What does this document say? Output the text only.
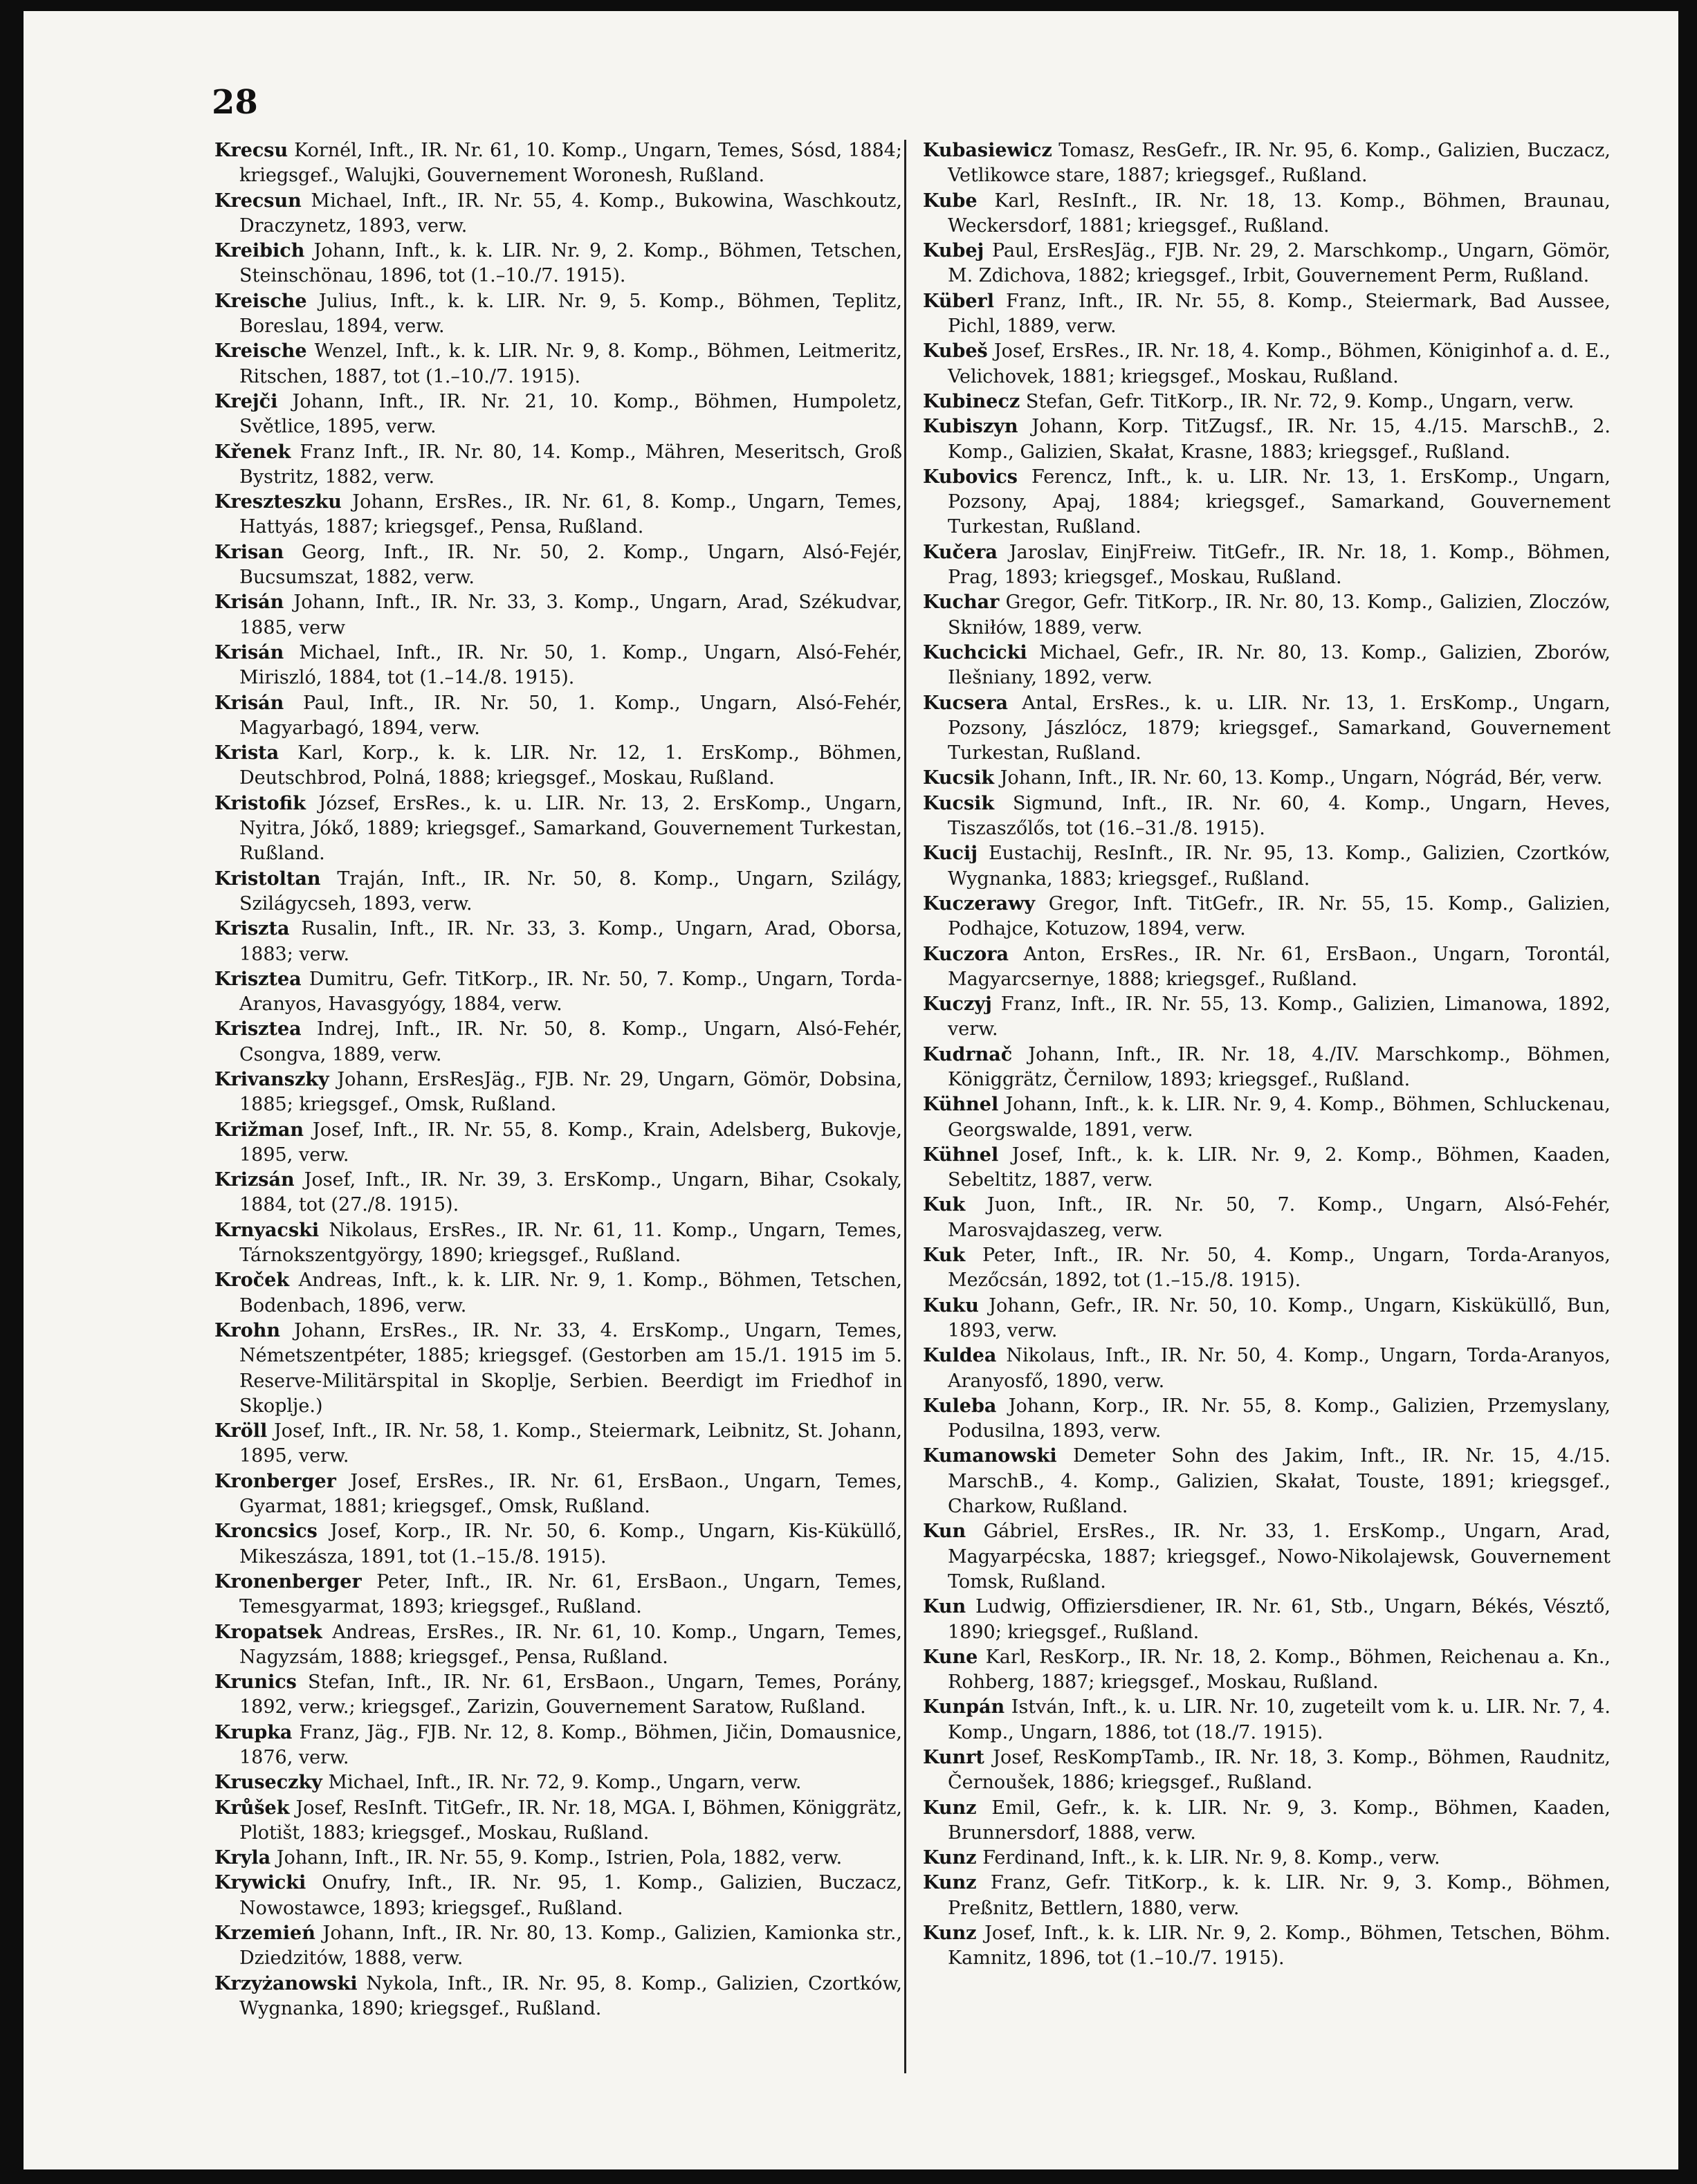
28

Krecsu Kornél, Inft., IR. Nr. 61, 10. Komp., Ungarn, Temes, Sósd, 1884; kriegsgef., Walujki, Gouvernement Woronesh, Rußland.

Krecsun Michael, Inft., IR. Nr. 55, 4. Komp., Bukowina, Waschkoutz, Draczynetz, 1893, verw.

Kreibich Johann, Inft., k. k. LIR. Nr. 9, 2. Komp., Böhmen, Tetschen, Steinschönau, 1896, tot (1.–10./7. 1915).

Kreische Julius, Inft., k. k. LIR. Nr. 9, 5. Komp., Böhmen, Teplitz, Boreslau, 1894, verw.

Kreische Wenzel, Inft., k. k. LIR. Nr. 9, 8. Komp., Böhmen, Leitmeritz, Ritschen, 1887, tot (1.–10./7. 1915).

Krejči Johann, Inft., IR. Nr. 21, 10. Komp., Böhmen, Humpoletz, Světlice, 1895, verw.

Křenek Franz Inft., IR. Nr. 80, 14. Komp., Mähren, Meseritsch, Groß Bystritz, 1882, verw.

Kreszteszku Johann, ErsRes., IR. Nr. 61, 8. Komp., Ungarn, Temes, Hattyás, 1887; kriegsgef., Pensa, Rußland.

Krisan Georg, Inft., IR. Nr. 50, 2. Komp., Ungarn, Alsó-Fejér, Bucsumszat, 1882, verw.

Krisán Johann, Inft., IR. Nr. 33, 3. Komp., Ungarn, Arad, Székudvar, 1885, verw

Krisán Michael, Inft., IR. Nr. 50, 1. Komp., Ungarn, Alsó-Fehér, Miriszló, 1884, tot (1.–14./8. 1915).

Krisán Paul, Inft., IR. Nr. 50, 1. Komp., Ungarn, Alsó-Fehér, Magyarbagó, 1894, verw.

Krista Karl, Korp., k. k. LIR. Nr. 12, 1. ErsKomp., Böhmen, Deutschbrod, Polná, 1888; kriegsgef., Moskau, Rußland.

Kristofik József, ErsRes., k. u. LIR. Nr. 13, 2. ErsKomp., Ungarn, Nyitra, Jókő, 1889; kriegsgef., Samarkand, Gouvernement Turkestan, Rußland.

Kristoltan Traján, Inft., IR. Nr. 50, 8. Komp., Ungarn, Szilágy, Szilágycseh, 1893, verw.

Kriszta Rusalin, Inft., IR. Nr. 33, 3. Komp., Ungarn, Arad, Oborsa, 1883; verw.

Krisztea Dumitru, Gefr. TitKorp., IR. Nr. 50, 7. Komp., Ungarn, Torda-Aranyos, Havasgyógy, 1884, verw.

Krisztea Indrej, Inft., IR. Nr. 50, 8. Komp., Ungarn, Alsó-Fehér, Csongva, 1889, verw.

Krivanszky Johann, ErsResJäg., FJB. Nr. 29, Ungarn, Gömör, Dobsina, 1885; kriegsgef., Omsk, Rußland.

Križman Josef, Inft., IR. Nr. 55, 8. Komp., Krain, Adelsberg, Bukovje, 1895, verw.

Krizsán Josef, Inft., IR. Nr. 39, 3. ErsKomp., Ungarn, Bihar, Csokaly, 1884, tot (27./8. 1915).

Krnyacski Nikolaus, ErsRes., IR. Nr. 61, 11. Komp., Ungarn, Temes, Tárnokszentgyörgy, 1890; kriegsgef., Rußland.

Kroček Andreas, Inft., k. k. LIR. Nr. 9, 1. Komp., Böhmen, Tetschen, Bodenbach, 1896, verw.

Krohn Johann, ErsRes., IR. Nr. 33, 4. ErsKomp., Ungarn, Temes, Németszentpéter, 1885; kriegsgef. (Gestorben am 15./1. 1915 im 5. Reserve-Militärspital in Skoplje, Serbien. Beerdigt im Friedhof in Skoplje.)

Kröll Josef, Inft., IR. Nr. 58, 1. Komp., Steiermark, Leibnitz, St. Johann, 1895, verw.

Kronberger Josef, ErsRes., IR. Nr. 61, ErsBaon., Ungarn, Temes, Gyarmat, 1881; kriegsgef., Omsk, Rußland.

Kroncsics Josef, Korp., IR. Nr. 50, 6. Komp., Ungarn, Kis-Küküllő, Mikeszásza, 1891, tot (1.–15./8. 1915).

Kronenberger Peter, Inft., IR. Nr. 61, ErsBaon., Ungarn, Temes, Temesgyarmat, 1893; kriegsgef., Rußland.

Kropatsek Andreas, ErsRes., IR. Nr. 61, 10. Komp., Ungarn, Temes, Nagyzsám, 1888; kriegsgef., Pensa, Rußland.

Krunics Stefan, Inft., IR. Nr. 61, ErsBaon., Ungarn, Temes, Porány, 1892, verw.; kriegsgef., Zarizin, Gouvernement Saratow, Rußland.

Krupka Franz, Jäg., FJB. Nr. 12, 8. Komp., Böhmen, Jičin, Domausnice, 1876, verw.

Kruseczky Michael, Inft., IR. Nr. 72, 9. Komp., Ungarn, verw.

Krůšek Josef, ResInft. TitGefr., IR. Nr. 18, MGA. I, Böhmen, Königgrätz, Plotišt, 1883; kriegsgef., Moskau, Rußland.

Kryla Johann, Inft., IR. Nr. 55, 9. Komp., Istrien, Pola, 1882, verw.

Krywicki Onufry, Inft., IR. Nr. 95, 1. Komp., Galizien, Buczacz, Nowostawce, 1893; kriegsgef., Rußland.

Krzemień Johann, Inft., IR. Nr. 80, 13. Komp., Galizien, Kamionka str., Dziedzitów, 1888, verw.

Krzyżanowski Nykola, Inft., IR. Nr. 95, 8. Komp., Galizien, Czortków, Wygnanka, 1890; kriegsgef., Rußland.

Kubasiewicz Tomasz, ResGefr., IR. Nr. 95, 6. Komp., Galizien, Buczacz, Vetlikowce stare, 1887; kriegsgef., Rußland.

Kube Karl, ResInft., IR. Nr. 18, 13. Komp., Böhmen, Braunau, Weckersdorf, 1881; kriegsgef., Rußland.

Kubej Paul, ErsResJäg., FJB. Nr. 29, 2. Marschkomp., Ungarn, Gömör, M. Zdichova, 1882; kriegsgef., Irbit, Gouvernement Perm, Rußland.

Küberl Franz, Inft., IR. Nr. 55, 8. Komp., Steiermark, Bad Aussee, Pichl, 1889, verw.

Kubeš Josef, ErsRes., IR. Nr. 18, 4. Komp., Böhmen, Königinhof a. d. E., Velichovek, 1881; kriegsgef., Moskau, Rußland.

Kubinecz Stefan, Gefr. TitKorp., IR. Nr. 72, 9. Komp., Ungarn, verw.

Kubiszyn Johann, Korp. TitZugsf., IR. Nr. 15, 4./15. MarschB., 2. Komp., Galizien, Skałat, Krasne, 1883; kriegsgef., Rußland.

Kubovics Ferencz, Inft., k. u. LIR. Nr. 13, 1. ErsKomp., Ungarn, Pozsony, Apaj, 1884; kriegsgef., Samarkand, Gouvernement Turkestan, Rußland.

Kučera Jaroslav, EinjFreiw. TitGefr., IR. Nr. 18, 1. Komp., Böhmen, Prag, 1893; kriegsgef., Moskau, Rußland.

Kuchar Gregor, Gefr. TitKorp., IR. Nr. 80, 13. Komp., Galizien, Zloczów, Skniłów, 1889, verw.

Kuchcicki Michael, Gefr., IR. Nr. 80, 13. Komp., Galizien, Zborów, Ilešniany, 1892, verw.

Kucsera Antal, ErsRes., k. u. LIR. Nr. 13, 1. ErsKomp., Ungarn, Pozsony, Jászlócz, 1879; kriegsgef., Samarkand, Gouvernement Turkestan, Rußland.

Kucsik Johann, Inft., IR. Nr. 60, 13. Komp., Ungarn, Nógrád, Bér, verw.

Kucsik Sigmund, Inft., IR. Nr. 60, 4. Komp., Ungarn, Heves, Tiszaszőlős, tot (16.–31./8. 1915).

Kucij Eustachij, ResInft., IR. Nr. 95, 13. Komp., Galizien, Czortków, Wygnanka, 1883; kriegsgef., Rußland.

Kuczerawy Gregor, Inft. TitGefr., IR. Nr. 55, 15. Komp., Galizien, Podhajce, Kotuzow, 1894, verw.

Kuczora Anton, ErsRes., IR. Nr. 61, ErsBaon., Ungarn, Torontál, Magyarcsernye, 1888; kriegsgef., Rußland.

Kuczyj Franz, Inft., IR. Nr. 55, 13. Komp., Galizien, Limanowa, 1892, verw.

Kudrnač Johann, Inft., IR. Nr. 18, 4./IV. Marschkomp., Böhmen, Königgrätz, Černilow, 1893; kriegsgef., Rußland.

Kühnel Johann, Inft., k. k. LIR. Nr. 9, 4. Komp., Böhmen, Schluckenau, Georgswalde, 1891, verw.

Kühnel Josef, Inft., k. k. LIR. Nr. 9, 2. Komp., Böhmen, Kaaden, Sebeltitz, 1887, verw.

Kuk Juon, Inft., IR. Nr. 50, 7. Komp., Ungarn, Alsó-Fehér, Marosvajdaszeg, verw.

Kuk Peter, Inft., IR. Nr. 50, 4. Komp., Ungarn, Torda-Aranyos, Mezőcsán, 1892, tot (1.–15./8. 1915).

Kuku Johann, Gefr., IR. Nr. 50, 10. Komp., Ungarn, Kisküküllő, Bun, 1893, verw.

Kuldea Nikolaus, Inft., IR. Nr. 50, 4. Komp., Ungarn, Torda-Aranyos, Aranyosfő, 1890, verw.

Kuleba Johann, Korp., IR. Nr. 55, 8. Komp., Galizien, Przemyslany, Podusilna, 1893, verw.

Kumanowski Demeter Sohn des Jakim, Inft., IR. Nr. 15, 4./15. MarschB., 4. Komp., Galizien, Skałat, Touste, 1891; kriegsgef., Charkow, Rußland.

Kun Gábriel, ErsRes., IR. Nr. 33, 1. ErsKomp., Ungarn, Arad, Magyarpécska, 1887; kriegsgef., Nowo-Nikolajewsk, Gouvernement Tomsk, Rußland.

Kun Ludwig, Offiziersdiener, IR. Nr. 61, Stb., Ungarn, Békés, Vésztő, 1890; kriegsgef., Rußland.

Kune Karl, ResKorp., IR. Nr. 18, 2. Komp., Böhmen, Reichenau a. Kn., Rohberg, 1887; kriegsgef., Moskau, Rußland.

Kunpán István, Inft., k. u. LIR. Nr. 10, zugeteilt vom k. u. LIR. Nr. 7, 4. Komp., Ungarn, 1886, tot (18./7. 1915).

Kunrt Josef, ResKompTamb., IR. Nr. 18, 3. Komp., Böhmen, Raudnitz, Černoušek, 1886; kriegsgef., Rußland.

Kunz Emil, Gefr., k. k. LIR. Nr. 9, 3. Komp., Böhmen, Kaaden, Brunnersdorf, 1888, verw.

Kunz Ferdinand, Inft., k. k. LIR. Nr. 9, 8. Komp., verw.

Kunz Franz, Gefr. TitKorp., k. k. LIR. Nr. 9, 3. Komp., Böhmen, Preßnitz, Bettlern, 1880, verw.

Kunz Josef, Inft., k. k. LIR. Nr. 9, 2. Komp., Böhmen, Tetschen, Böhm. Kamnitz, 1896, tot (1.–10./7. 1915).
